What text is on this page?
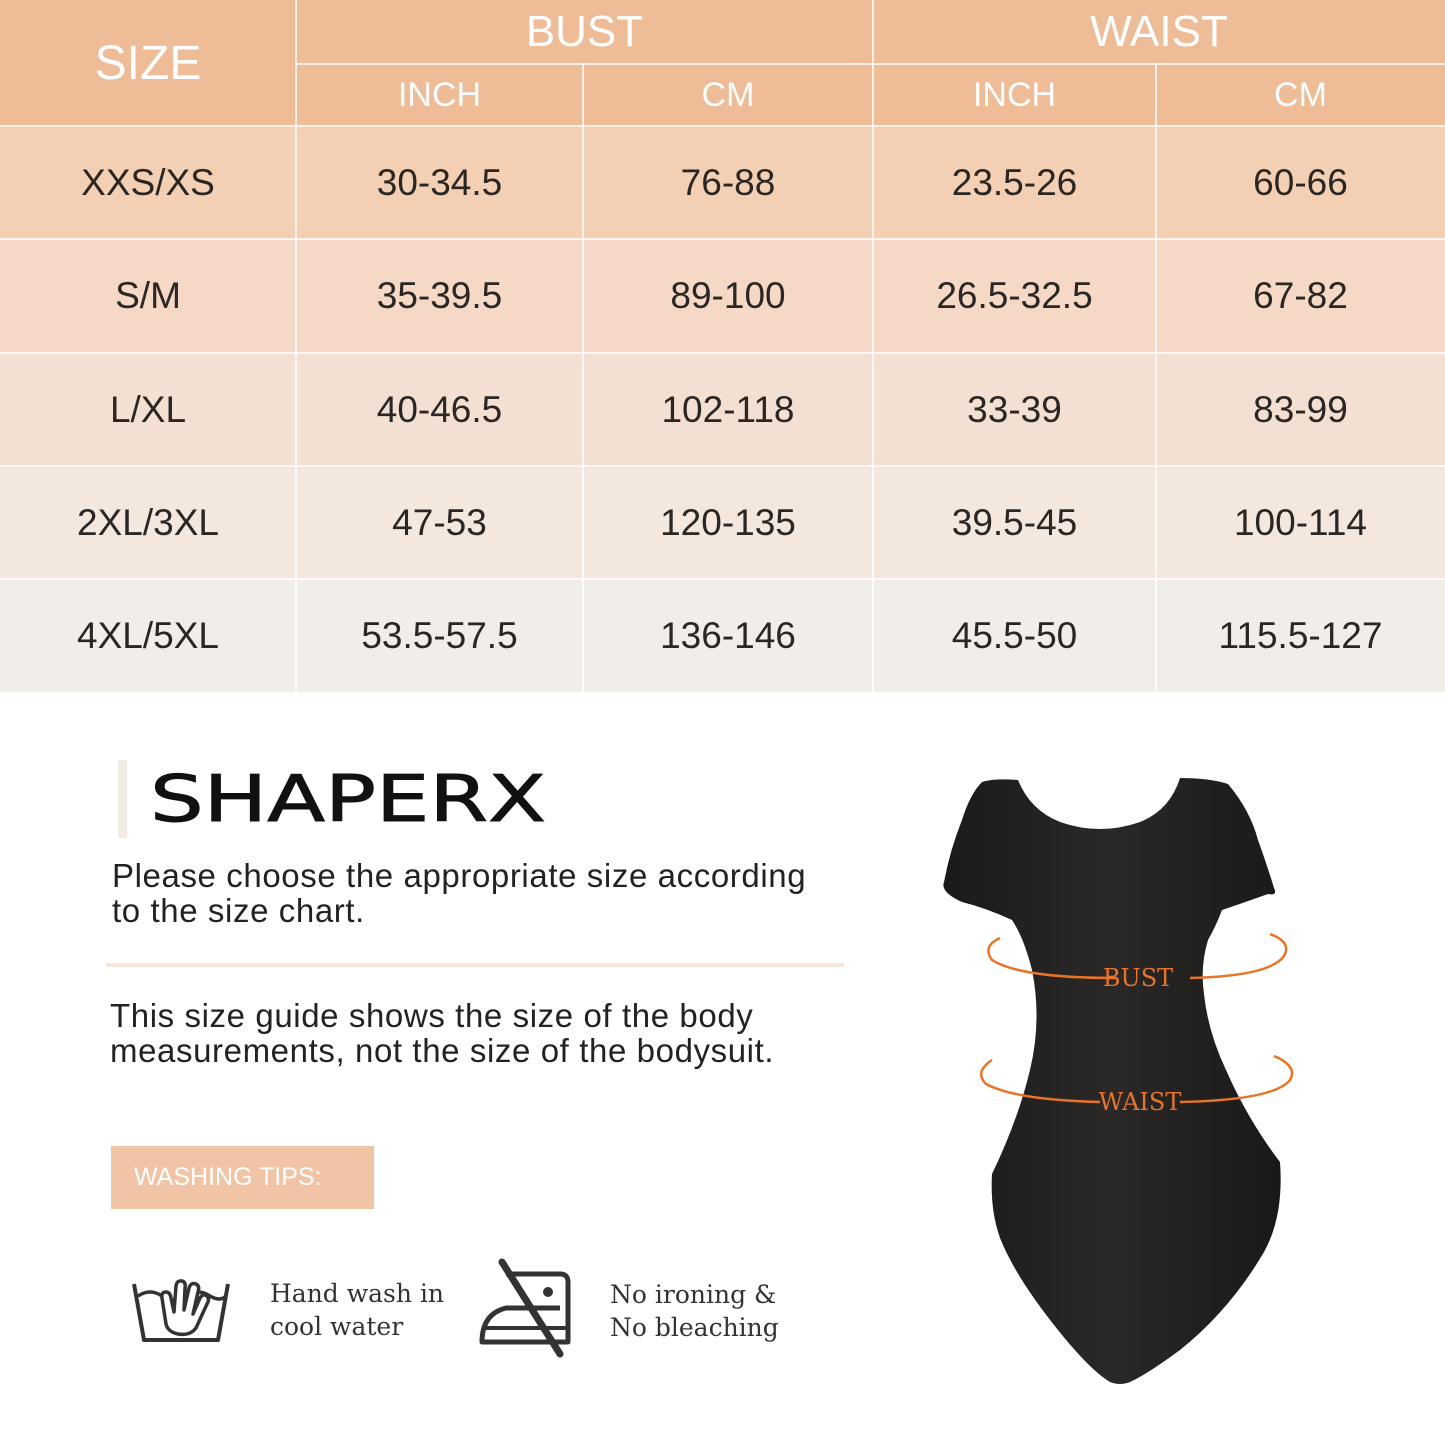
SIZE
BUST	WAIST
INCH	CM	INCH	CM
XXS/XS	30-34.5	76-88	23.5-26	60-66
S/M	35-39.5	89-100	26.5-32.5	67-82
L/XL	40-46.5	102-118	33-39	83-99
2XL/3XL	47-53	120-135	39.5-45	100-114
4XL/5XL	53.5-57.5	136-146	45.5-50	115.5-127
SHAPERX
Please choose the appropriate size according to the size chart.
This size guide shows the size of the body measurements, not the size of the bodysuit.
WASHING TIPS:
Hand wash in
cool water
No ironing &
No bleaching
BUST
WAIST
